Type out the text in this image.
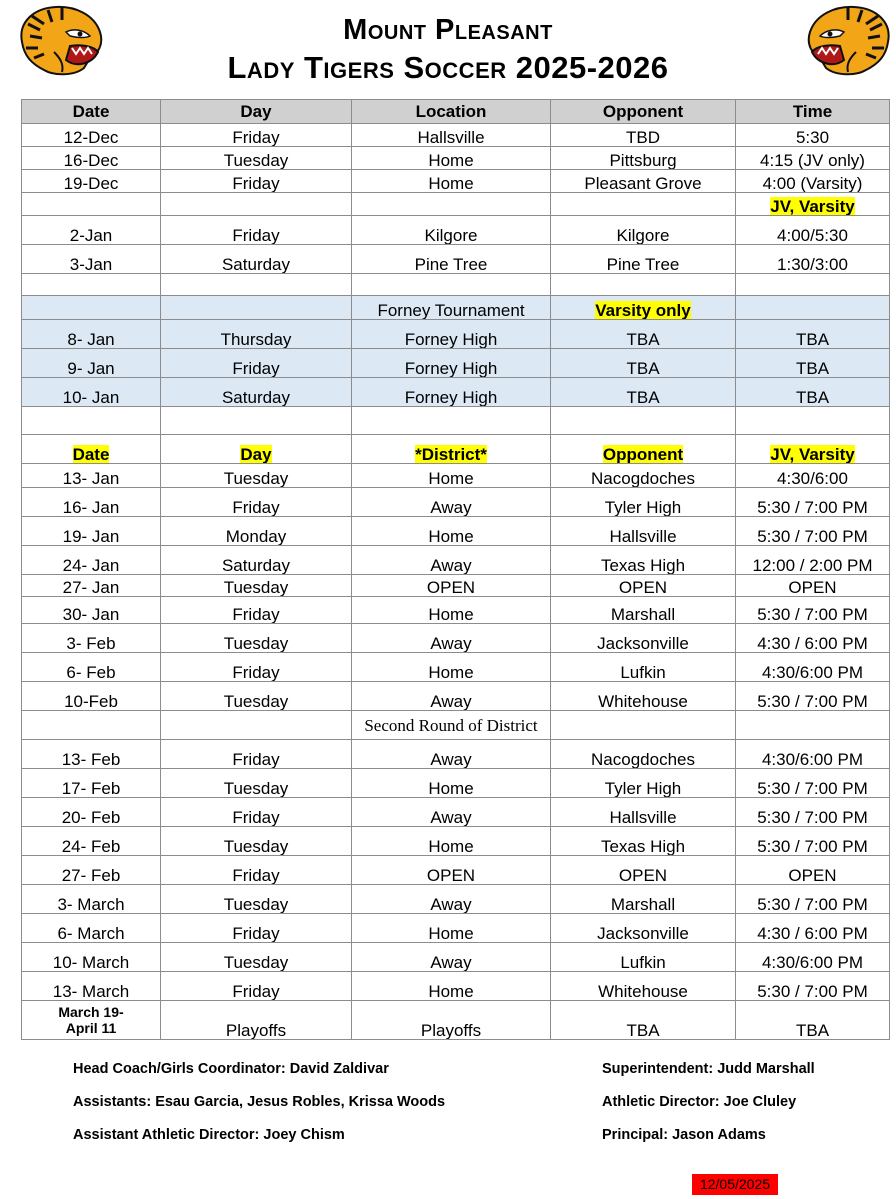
Mount Pleasant
Lady Tigers Soccer 2025-2026
Date	Day	Location	Opponent	Time
12-Dec	Friday	Hallsville	TBD	5:30
16-Dec	Tuesday	Home	Pittsburg	4:15 (JV only)
19-Dec	Friday	Home	Pleasant Grove	4:00 (Varsity)
				JV, Varsity
2-Jan	Friday	Kilgore	Kilgore	4:00/5:30
3-Jan	Saturday	Pine Tree	Pine Tree	1:30/3:00

		Forney Tournament	Varsity only	
8- Jan	Thursday	Forney High	TBA	TBA
9- Jan	Friday	Forney High	TBA	TBA
10- Jan	Saturday	Forney High	TBA	TBA

Date	Day	*District*	Opponent	JV, Varsity
13- Jan	Tuesday	Home	Nacogdoches	4:30/6:00
16- Jan	Friday	Away	Tyler High	5:30 / 7:00 PM
19- Jan	Monday	Home	Hallsville	5:30 / 7:00 PM
24- Jan	Saturday	Away	Texas High	12:00 / 2:00 PM
27- Jan	Tuesday	OPEN	OPEN	OPEN
30- Jan	Friday	Home	Marshall	5:30 / 7:00 PM
3- Feb	Tuesday	Away	Jacksonville	4:30 / 6:00 PM
6- Feb	Friday	Home	Lufkin	4:30/6:00 PM
10-Feb	Tuesday	Away	Whitehouse	5:30 / 7:00 PM
		Second Round of District		
13- Feb	Friday	Away	Nacogdoches	4:30/6:00 PM
17- Feb	Tuesday	Home	Tyler High	5:30 / 7:00 PM
20- Feb	Friday	Away	Hallsville	5:30 / 7:00 PM
24- Feb	Tuesday	Home	Texas High	5:30 / 7:00 PM
27- Feb	Friday	OPEN	OPEN	OPEN
3- March	Tuesday	Away	Marshall	5:30 / 7:00 PM
6- March	Friday	Home	Jacksonville	4:30 / 6:00 PM
10- March	Tuesday	Away	Lufkin	4:30/6:00 PM
13- March	Friday	Home	Whitehouse	5:30 / 7:00 PM

March 19-
April 11	Playoffs	Playoffs	TBA	TBA
Head Coach/Girls Coordinator: David Zaldivar
Assistants: Esau Garcia, Jesus Robles, Krissa Woods
Assistant Athletic Director: Joey Chism
Superintendent: Judd Marshall
Athletic Director: Joe Cluley
Principal: Jason Adams
12/05/2025
